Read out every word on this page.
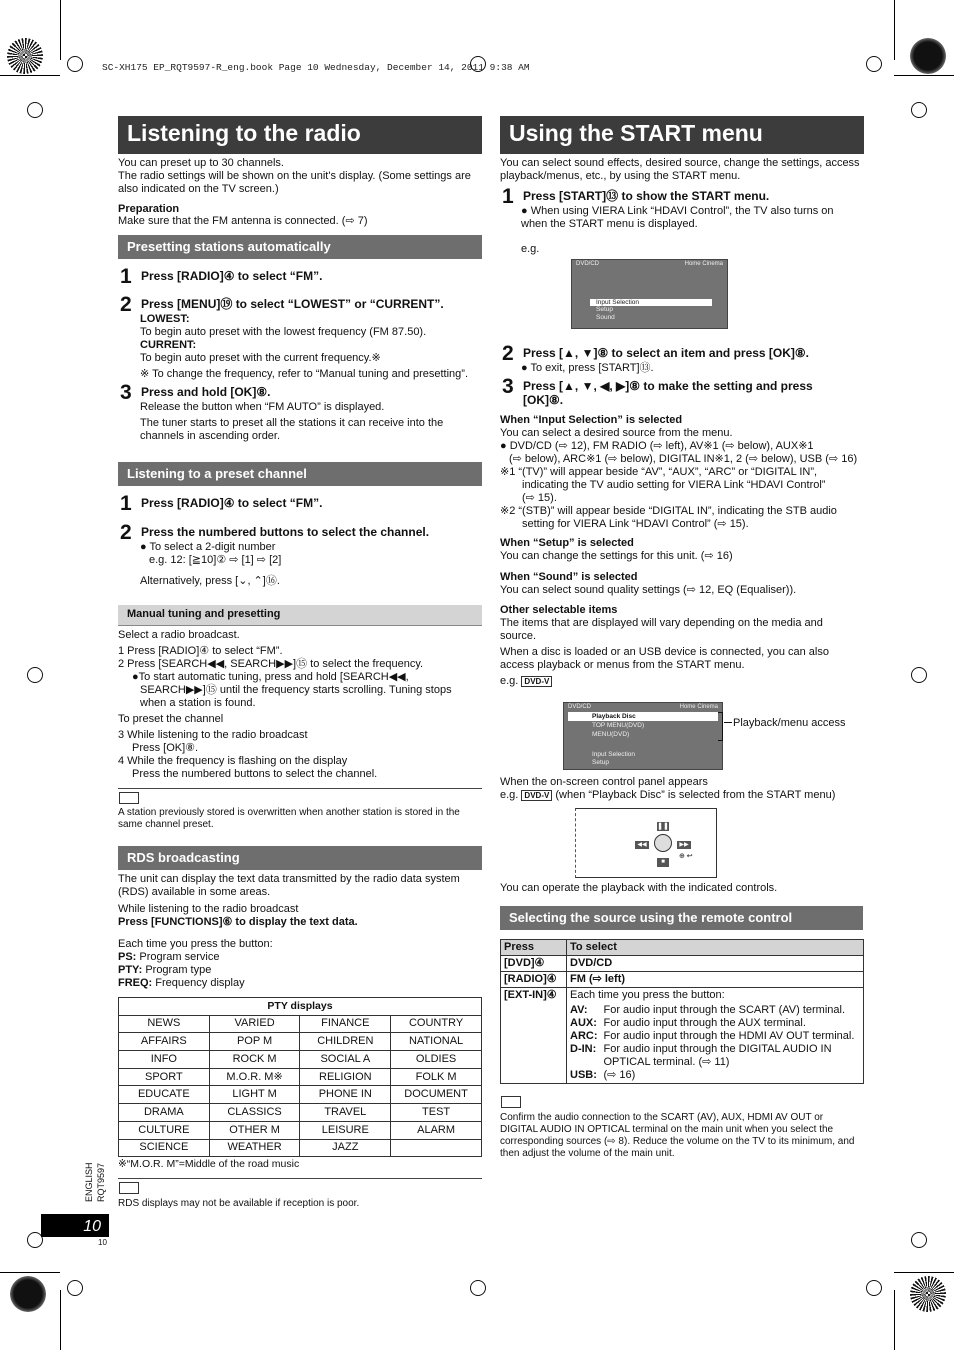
SC-XH175 EP_RQT9597-R_eng.book Page 10 Wednesday, December 14, 2011 9:38 AM
Listening to the radio
You can preset up to 30 channels.
The radio settings will be shown on the unit's display. (Some settings are also indicated on the TV screen.)
Preparation
Make sure that the FM antenna is connected. (⇨ 7)
Presetting stations automatically
1 Press [RADIO]④ to select “FM”.
2 Press [MENU]⑲ to select “LOWEST” or “CURRENT”.
LOWEST:
To begin auto preset with the lowest frequency (FM 87.50).
CURRENT:
To begin auto preset with the current frequency.※
※ To change the frequency, refer to “Manual tuning and presetting”.
3 Press and hold [OK]⑧.
Release the button when “FM AUTO” is displayed.
The tuner starts to preset all the stations it can receive into the channels in ascending order.
Listening to a preset channel
1 Press [RADIO]④ to select “FM”.
2 Press the numbered buttons to select the channel.
● To select a 2-digit number
e.g. 12: [≧10]② ⇨ [1] ⇨ [2]
Alternatively, press [⌄, ⌃]⑯.
Manual tuning and presetting
Select a radio broadcast.
1 Press [RADIO]④ to select “FM”.
2 Press [SEARCH◀◀, SEARCH▶▶]⑮ to select the frequency.
●To start automatic tuning, press and hold [SEARCH◀◀,
SEARCH▶▶]⑮ until the frequency starts scrolling. Tuning stops
when a station is found.
To preset the channel
3 While listening to the radio broadcast
Press [OK]⑧.
4 While the frequency is flashing on the display
Press the numbered buttons to select the channel.
A station previously stored is overwritten when another station is stored in the same channel preset.
RDS broadcasting
The unit can display the text data transmitted by the radio data system (RDS) available in some areas.
While listening to the radio broadcast
Press [FUNCTIONS]⑥ to display the text data.
Each time you press the button:
PS: Program service
PTY: Program type
FREQ: Frequency display
PTY displays			
NEWS	VARIED	FINANCE	COUNTRY
AFFAIRS	POP M	CHILDREN	NATIONAL
INFO	ROCK M	SOCIAL A	OLDIES
SPORT	M.O.R. M※	RELIGION	FOLK M
EDUCATE	LIGHT M	PHONE IN	DOCUMENT
DRAMA	CLASSICS	TRAVEL	TEST
CULTURE	OTHER M	LEISURE	ALARM
SCIENCE	WEATHER	JAZZ	
※“M.O.R. M”=Middle of the road music
RDS displays may not be available if reception is poor.
ENGLISH RQT9597
10
10
Using the START menu
You can select sound effects, desired source, change the settings, access playback/menus, etc., by using the START menu.
1 Press [START]⑬ to show the START menu.
● When using VIERA Link “HDAVI Control”, the TV also turns on when the START menu is displayed.
e.g.
DVD/CD	Home Cinema
Input Selection
Setup
Sound
2 Press [▲, ▼]⑧ to select an item and press [OK]⑧.
● To exit, press [START]⑬.
3 Press [▲, ▼, ◀, ▶]⑧ to make the setting and press [OK]⑧.
When “Input Selection” is selected
You can select a desired source from the menu.
● DVD/CD (⇨ 12), FM RADIO (⇨ left), AV※1 (⇨ below), AUX※1
(⇨ below), ARC※1 (⇨ below), DIGITAL IN※1, 2 (⇨ below), USB (⇨ 16)
※1 “(TV)” will appear beside “AV”, “AUX”, “ARC” or “DIGITAL IN”,
indicating the TV audio setting for VIERA Link “HDAVI Control”
(⇨ 15).
※2 “(STB)” will appear beside “DIGITAL IN”, indicating the STB audio
setting for VIERA Link “HDAVI Control” (⇨ 15).
When “Setup” is selected
You can change the settings for this unit. (⇨ 16)
When “Sound” is selected
You can select sound quality settings (⇨ 12, EQ (Equaliser)).
Other selectable items
The items that are displayed will vary depending on the media and source.
When a disc is loaded or an USB device is connected, you can also access playback or menus from the START menu.
e.g. DVD-V
DVD/CD	Home Cinema
Playback Disc
TOP MENU(DVD)
MENU(DVD)
Input Selection
Setup
Playback/menu access
When the on-screen control panel appears
e.g. DVD-V (when “Playback Disc” is selected from the START menu)
❚❚
◀◀	▶▶
■
⊕ ↩
You can operate the playback with the indicated controls.
Selecting the source using the remote control
Press	To select
[DVD]④	DVD/CD
[RADIO]④	FM (⇨ left)
[EXT-IN]④	Each time you press the button:
AV:	For audio input through the SCART (AV) terminal.
AUX:	For audio input through the AUX terminal.
ARC:	For audio input through the HDMI AV OUT terminal.
D-IN:	For audio input through the DIGITAL AUDIO IN OPTICAL terminal. (⇨ 11)
USB:	(⇨ 16)
Confirm the audio connection to the SCART (AV), AUX, HDMI AV OUT or DIGITAL AUDIO IN OPTICAL terminal on the main unit when you select the corresponding sources (⇨ 8). Reduce the volume on the TV to its minimum, and then adjust the volume of the main unit.
